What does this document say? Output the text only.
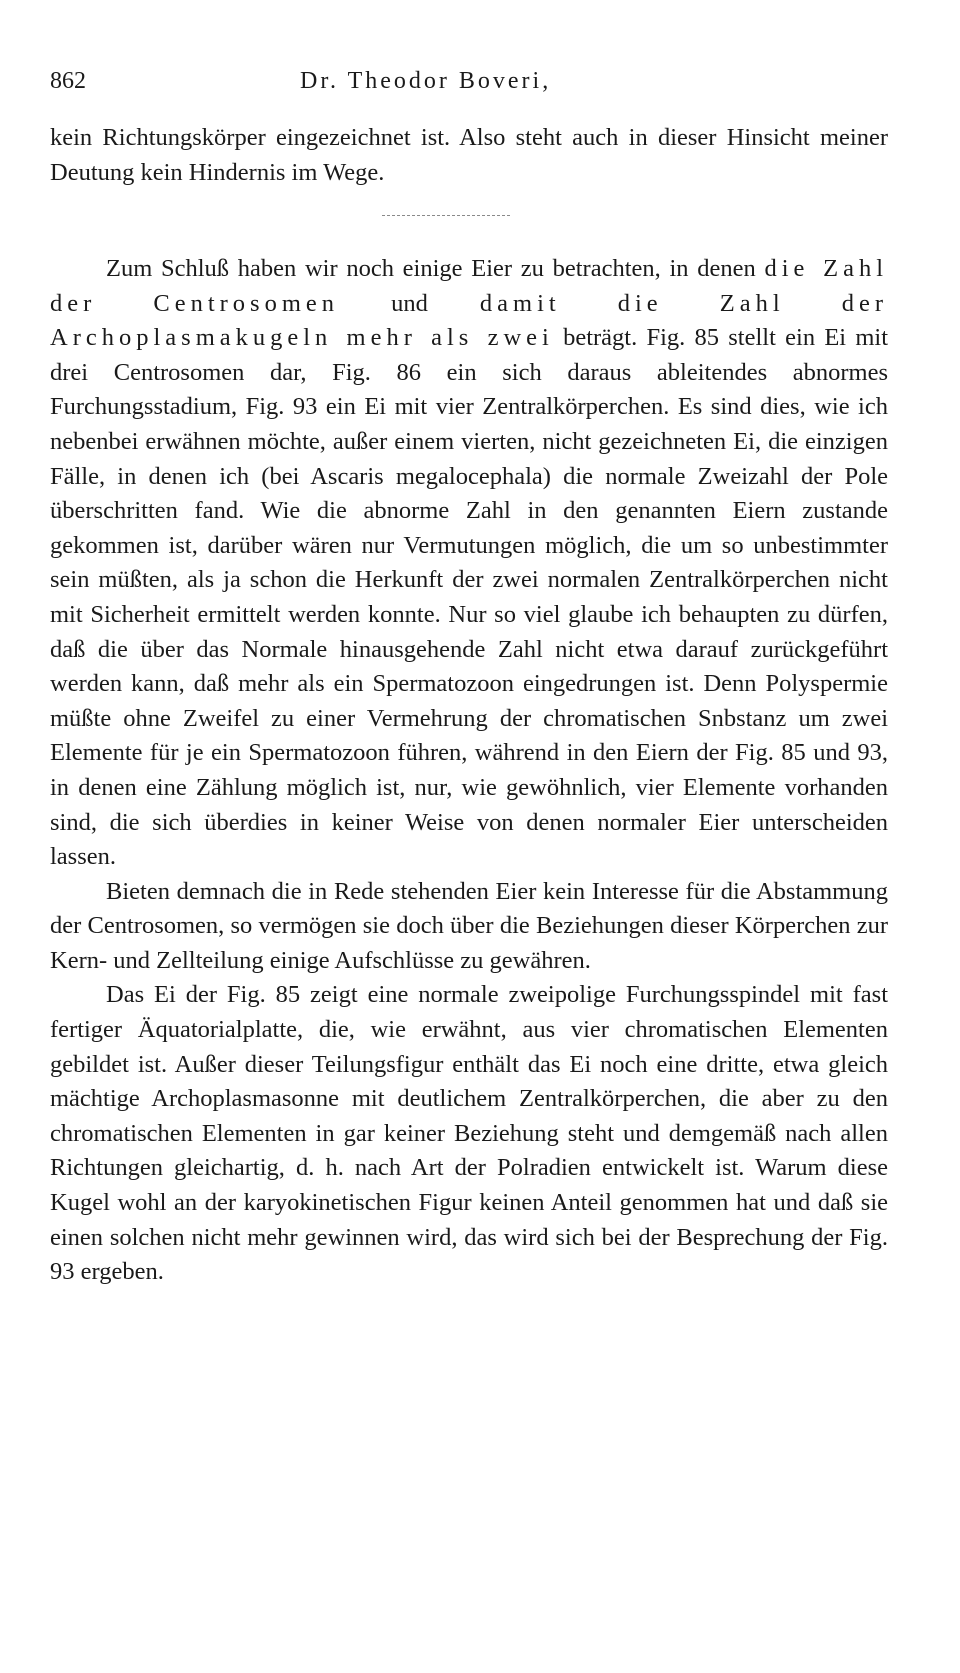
862	Dr. Theodor Boveri,

kein Richtungskörper eingezeichnet ist. Also steht auch in dieser Hinsicht meiner Deutung kein Hindernis im Wege.

Zum Schluß haben wir noch einige Eier zu betrachten, in denen die Zahl der Centrosomen und damit die Zahl der Archoplasmakugeln mehr als zwei beträgt. Fig. 85 stellt ein Ei mit drei Centrosomen dar, Fig. 86 ein sich daraus ableitendes abnormes Furchungsstadium, Fig. 93 ein Ei mit vier Zentralkörperchen. Es sind dies, wie ich nebenbei erwähnen möchte, außer einem vierten, nicht gezeichneten Ei, die einzigen Fälle, in denen ich (bei Ascaris megalocephala) die normale Zweizahl der Pole überschritten fand. Wie die abnorme Zahl in den genannten Eiern zustande gekommen ist, darüber wären nur Vermutungen möglich, die um so unbestimmter sein müßten, als ja schon die Herkunft der zwei normalen Zentralkörperchen nicht mit Sicherheit ermittelt werden konnte. Nur so viel glaube ich behaupten zu dürfen, daß die über das Normale hinausgehende Zahl nicht etwa darauf zurückgeführt werden kann, daß mehr als ein Spermatozoon eingedrungen ist. Denn Polyspermie müßte ohne Zweifel zu einer Vermehrung der chromatischen Snbstanz um zwei Elemente für je ein Spermatozoon führen, während in den Eiern der Fig. 85 und 93, in denen eine Zählung möglich ist, nur, wie gewöhnlich, vier Elemente vorhanden sind, die sich überdies in keiner Weise von denen normaler Eier unterscheiden lassen.

Bieten demnach die in Rede stehenden Eier kein Interesse für die Abstammung der Centrosomen, so vermögen sie doch über die Beziehungen dieser Körperchen zur Kern- und Zellteilung einige Aufschlüsse zu gewähren.

Das Ei der Fig. 85 zeigt eine normale zweipolige Furchungsspindel mit fast fertiger Äquatorialplatte, die, wie erwähnt, aus vier chromatischen Elementen gebildet ist. Außer dieser Teilungsfigur enthält das Ei noch eine dritte, etwa gleich mächtige Archoplasmasonne mit deutlichem Zentralkörperchen, die aber zu den chromatischen Elementen in gar keiner Beziehung steht und demgemäß nach allen Richtungen gleichartig, d. h. nach Art der Polradien entwickelt ist. Warum diese Kugel wohl an der karyokinetischen Figur keinen Anteil genommen hat und daß sie einen solchen nicht mehr gewinnen wird, das wird sich bei der Besprechung der Fig. 93 ergeben.
